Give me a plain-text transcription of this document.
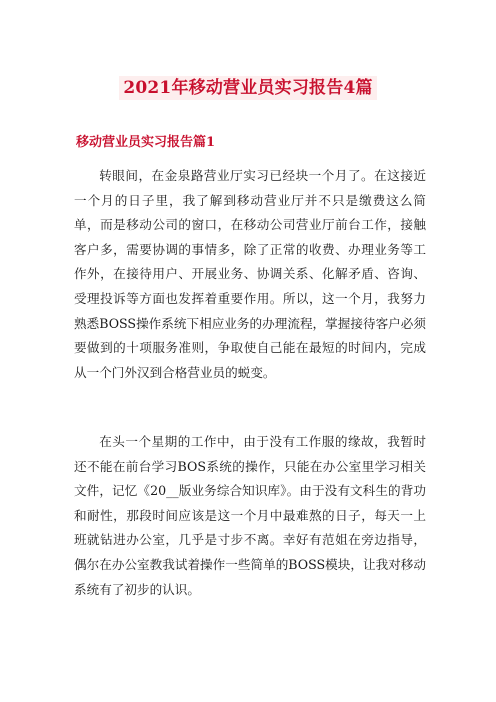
2021年移动营业员实习报告4篇
移动营业员实习报告篇1

转眼间，在金泉路营业厅实习已经块一个月了。在这接近一个月的日子里，我了解到移动营业厅并不只是缴费这么简单，而是移动公司的窗口，在移动公司营业厅前台工作，接触客户多，需要协调的事情多，除了正常的收费、办理业务等工作外，在接待用户、开展业务、协调关系、化解矛盾、咨询、受理投诉等方面也发挥着重要作用。所以，这一个月，我努力熟悉BOSS操作系统下相应业务的办理流程，掌握接待客户必须要做到的十项服务准则，争取使自己能在最短的时间内，完成从一个门外汉到合格营业员的蜕变。

在头一个星期的工作中，由于没有工作服的缘故，我暂时还不能在前台学习BOS系统的操作，只能在办公室里学习相关文件，记忆《20__版业务综合知识库》。由于没有文科生的背功和耐性，那段时间应该是这一个月中最难熬的日子，每天一上班就钻进办公室，几乎是寸步不离。幸好有范姐在旁边指导，偶尔在办公室教我试着操作一些简单的BOSS模块，让我对移动系统有了初步的认识。
